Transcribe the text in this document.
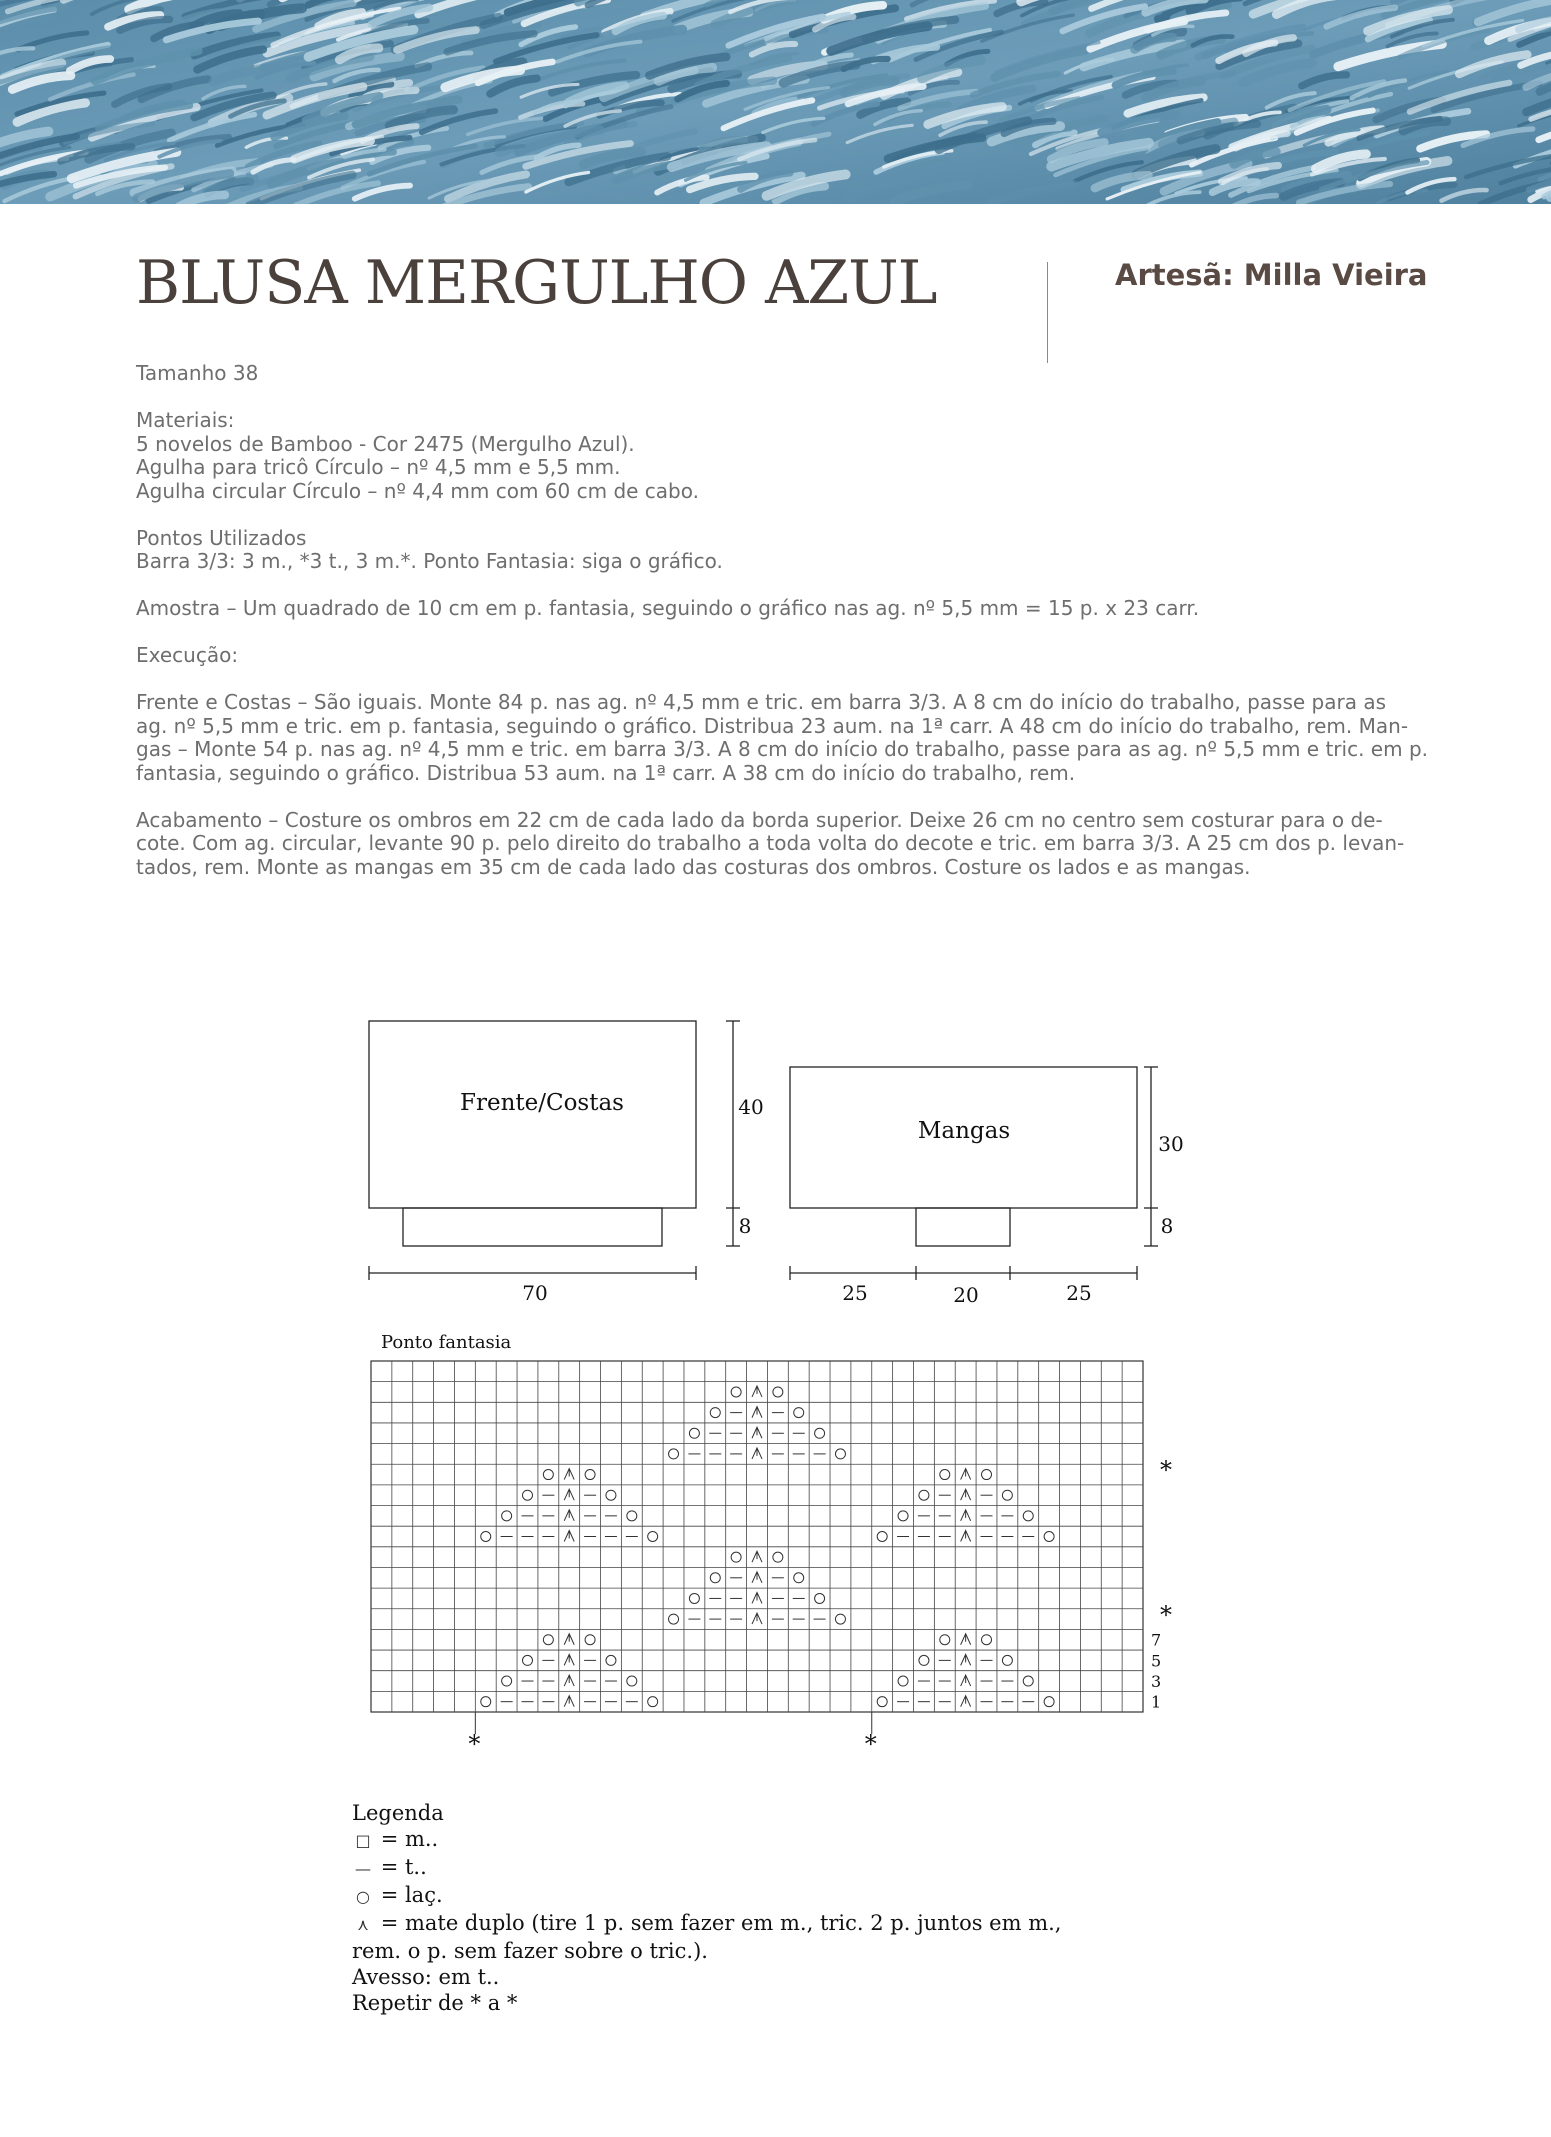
BLUSA MERGULHO AZUL	Artesã: Milla Vieira

Tamanho 38

Materiais:
5 novelos de Bamboo - Cor 2475 (Mergulho Azul).
Agulha para tricô Círculo – nº 4,5 mm e 5,5 mm.
Agulha circular Círculo – nº 4,4 mm com 60 cm de cabo.

Pontos Utilizados
Barra 3/3: 3 m., *3 t., 3 m.*. Ponto Fantasia: siga o gráfico.

Amostra – Um quadrado de 10 cm em p. fantasia, seguindo o gráfico nas ag. nº 5,5 mm = 15 p. x 23 carr.

Execução:

Frente e Costas – São iguais. Monte 84 p. nas ag. nº 4,5 mm e tric. em barra 3/3. A 8 cm do início do trabalho, passe para as
ag. nº 5,5 mm e tric. em p. fantasia, seguindo o gráfico. Distribua 23 aum. na 1ª carr. A 48 cm do início do trabalho, rem. Man-
gas – Monte 54 p. nas ag. nº 4,5 mm e tric. em barra 3/3. A 8 cm do início do trabalho, passe para as ag. nº 5,5 mm e tric. em p.
fantasia, seguindo o gráfico. Distribua 53 aum. na 1ª carr. A 38 cm do início do trabalho, rem.

Acabamento – Costure os ombros em 22 cm de cada lado da borda superior. Deixe 26 cm no centro sem costurar para o de-
cote. Com ag. circular, levante 90 p. pelo direito do trabalho a toda volta do decote e tric. em barra 3/3. A 25 cm dos p. levan-
tados, rem. Monte as mangas em 35 cm de cada lado das costuras dos ombros. Costure os lados e as mangas.

Frente/Costas
Mangas
40
8
70
30
8
25	20	25
Ponto fantasia
7
5
3
1
*
*
*	*
Legenda
□ = m..
— = t..
○ = laç.
⋏ = mate duplo (tire 1 p. sem fazer em m., tric. 2 p. juntos em m.,
rem. o p. sem fazer sobre o tric.).
Avesso: em t..
Repetir de * a *
